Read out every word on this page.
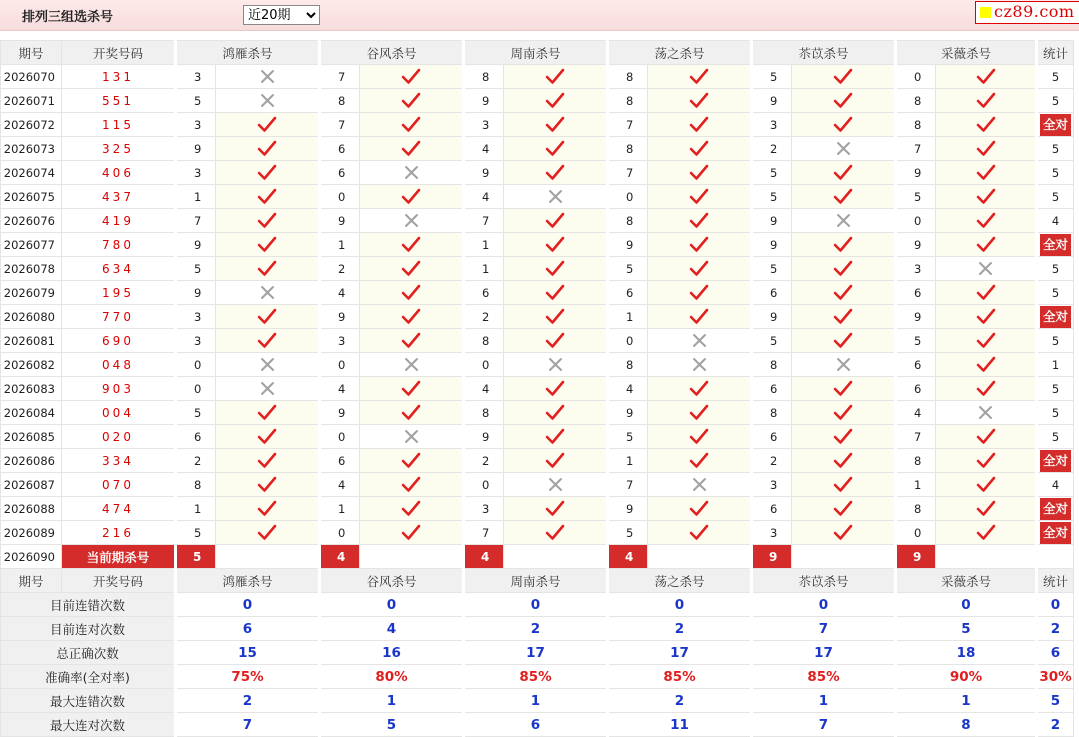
排列三组选杀号
近20期	cz89.com
期号	开奖号码	鸿雁杀号		谷风杀号		周南杀号		荡之杀号		苶苡杀号		采薇杀号		统计
2026070	131	3		7		8		8		5		0		5
2026071	551	5		8		9		8		9		8		5
2026072	115	3		7		3		7		3		8		全对
2026073	325	9		6		4		8		2		7		5
2026074	406	3		6		9		7		5		9		5
2026075	437	1		0		4		0		5		5		5
2026076	419	7		9		7		8		9		0		4
2026077	780	9		1		1		9		9		9		全对
2026078	634	5		2		1		5		5		3		5
2026079	195	9		4		6		6		6		6		5
2026080	770	3		9		2		1		9		9		全对
2026081	690	3		3		8		0		5		5		5
2026082	048	0		0		0		8		8		6		1
2026083	903	0		4		4		4		6		6		5
2026084	004	5		9		8		9		8		4		5
2026085	020	6		0		9		5		6		7		5
2026086	334	2		6		2		1		2		8		全对
2026087	070	8		4		0		7		3		1		4
2026088	474	1		1		3		9		6		8		全对
2026089	216	5		0		7		5		3		0		全对
2026090	当前期杀号	5		4		4		4		9		9		
期号	开奖号码	鸿雁杀号		谷风杀号		周南杀号		荡之杀号		苶苡杀号		采薇杀号		统计
目前连错次数		0		0		0		0		0		0		0
目前连对次数		6		4		2		2		7		5		2
总正确次数		15		16		17		17		17		18		6
准确率(全对率)		75%		80%		85%		85%		85%		90%		30%
最大连错次数		2		1		1		2		1		1		5
最大连对次数		7		5		6		11		7		8		2
